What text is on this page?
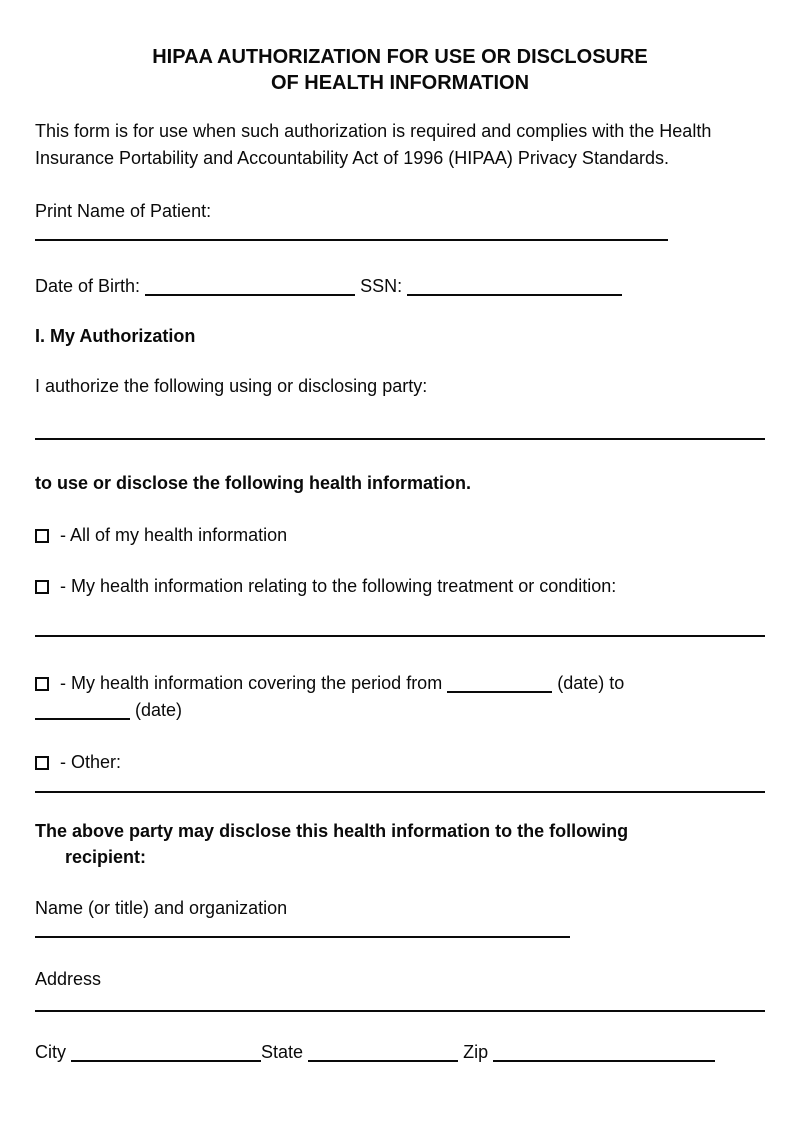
HIPAA AUTHORIZATION FOR USE OR DISCLOSURE
OF HEALTH INFORMATION

This form is for use when such authorization is required and complies with the Health Insurance Portability and Accountability Act of 1996 (HIPAA) Privacy Standards.

Print Name of Patient:
Date of Birth:	SSN:
I. My Authorization
I authorize the following using or disclosing party:
to use or disclose the following health information.
- All of my health information
- My health information relating to the following treatment or condition:
- My health information covering the period from	(date) to
(date)
- Other:
The above party may disclose this health information to the following
recipient:
Name (or title) and organization
Address
City	State	Zip
